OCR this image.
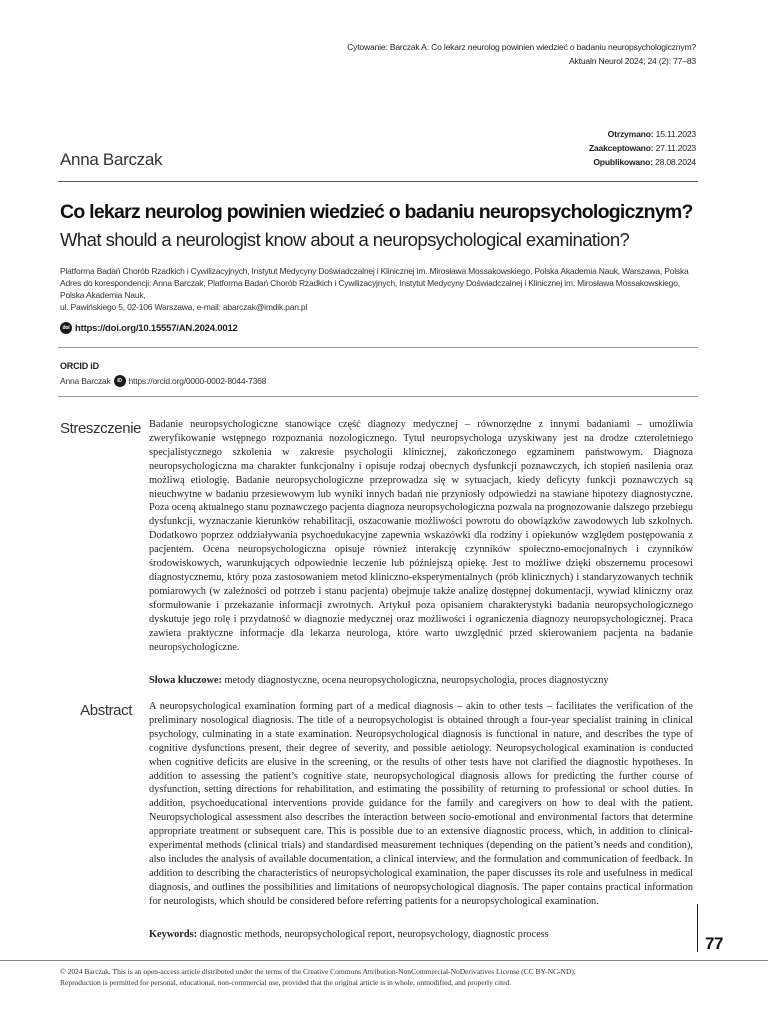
Cytowanie: Barczak A: Co lekarz neurolog powinien wiedzieć o badaniu neuropsychologicznym?
Aktualn Neurol 2024; 24 (2): 77–83
Otrzymano: 15.11.2023
Zaakceptowano: 27.11.2023
Opublikowano: 28.08.2024
Anna Barczak
Co lekarz neurolog powinien wiedzieć o badaniu neuropsychologicznym?
What should a neurologist know about a neuropsychological examination?
Platforma Badań Chorób Rzadkich i Cywilizacyjnych, Instytut Medycyny Doświadczalnej i Klinicznej im. Mirosława Mossakowskiego, Polska Akademia Nauk, Warszawa, Polska
Adres do korespondencji: Anna Barczak, Platforma Badań Chorób Rzadkich i Cywilizacyjnych, Instytut Medycyny Doświadczalnej i Klinicznej im. Mirosława Mossakowskiego, Polska Akademia Nauk,
ul. Pawińskiego 5, 02-106 Warszawa, e-mail: abarczak@imdik.pan.pl
doi https://doi.org/10.15557/AN.2024.0012
ORCID iD
Anna Barczak	iD https://orcid.org/0000-0002-8044-7368
Streszczenie Badanie neuropsychologiczne stanowiące część diagnozy medycznej – równorzędne z innymi badaniami – umożliwia zweryfikowanie wstępnego rozpoznania nozologicznego. Tytuł neuropsychologa uzyskiwany jest na drodze czteroletniego specjalistycznego szkolenia w zakresie psychologii klinicznej, zakończonego egzaminem państwowym. Diagnoza neuropsychologiczna ma charakter funkcjonalny i opisuje rodzaj obecnych dysfunkcji poznawczych, ich stopień nasilenia oraz możliwą etiologię. Badanie neuropsychologiczne przeprowadza się w sytuacjach, kiedy deficyty funkcji poznawczych są nieuchwytne w badaniu przesiewowym lub wyniki innych badań nie przyniosły odpowiedzi na stawiane hipotezy diagnostyczne. Poza oceną aktualnego stanu poznawczego pacjenta diagnoza neuropsychologiczna pozwala na prognozowanie dalszego przebiegu dysfunkcji, wyznaczanie kierunków rehabilitacji, oszacowanie możliwości powrotu do obowiązków zawodowych lub szkolnych. Dodatkowo poprzez oddziaływania psychoedukacyjne zapewnia wskazówki dla rodziny i opiekunów względem postępowania z pacjentem. Ocena neuropsychologiczna opisuje również interakcję czynników społeczno-emocjonalnych i czynników środowiskowych, warunkujących odpowiednie leczenie lub późniejszą opiekę. Jest to możliwe dzięki obszernemu procesowi diagnostycznemu, który poza zastosowaniem metod kliniczno-eksperymentalnych (prób klinicznych) i standaryzowanych technik pomiarowych (w zależności od potrzeb i stanu pacjenta) obejmuje także analizę dostępnej dokumentacji, wywiad kliniczny oraz sformułowanie i przekazanie informacji zwrotnych. Artykuł poza opisaniem charakterystyki badania neuropsychologicznego dyskutuje jego rolę i przydatność w diagnozie medycznej oraz możliwości i ograniczenia diagnozy neuropsychologicznej. Praca zawiera praktyczne informacje dla lekarza neurologa, które warto uwzględnić przed skierowaniem pacjenta na badanie neuropsychologiczne.
Słowa kluczowe: metody diagnostyczne, ocena neuropsychologiczna, neuropsychologia, proces diagnostyczny
Abstract A neuropsychological examination forming part of a medical diagnosis – akin to other tests – facilitates the verification of the preliminary nosological diagnosis. The title of a neuropsychologist is obtained through a four-year specialist training in clinical psychology, culminating in a state examination. Neuropsychological diagnosis is functional in nature, and describes the type of cognitive dysfunctions present, their degree of severity, and possible aetiology. Neuropsychological examination is conducted when cognitive deficits are elusive in the screening, or the results of other tests have not clarified the diagnostic hypotheses. In addition to assessing the patient’s cognitive state, neuropsychological diagnosis allows for predicting the further course of dysfunction, setting directions for rehabilitation, and estimating the possibility of returning to professional or school duties. In addition, psychoeducational interventions provide guidance for the family and caregivers on how to deal with the patient. Neuropsychological assessment also describes the interaction between socio-emotional and environmental factors that determine appropriate treatment or subsequent care. This is possible due to an extensive diagnostic process, which, in addition to clinical-experimental methods (clinical trials) and standardised measurement techniques (depending on the patient’s needs and condition), also includes the analysis of available documentation, a clinical interview, and the formulation and communication of feedback. In addition to describing the characteristics of neuropsychological examination, the paper discusses its role and usefulness in medical diagnosis, and outlines the possibilities and limitations of neuropsychological diagnosis. The paper contains practical information for neurologists, which should be considered before referring patients for a neuropsychological examination.
Keywords: diagnostic methods, neuropsychological report, neuropsychology, diagnostic process	77
© 2024 Barczak. This is an open-access article distributed under the terms of the Creative Commons Attribution-NonCommercial-NoDerivatives License (CC BY-NC-ND).
Reproduction is permitted for personal, educational, non-commercial use, provided that the original article is in whole, unmodified, and properly cited.
